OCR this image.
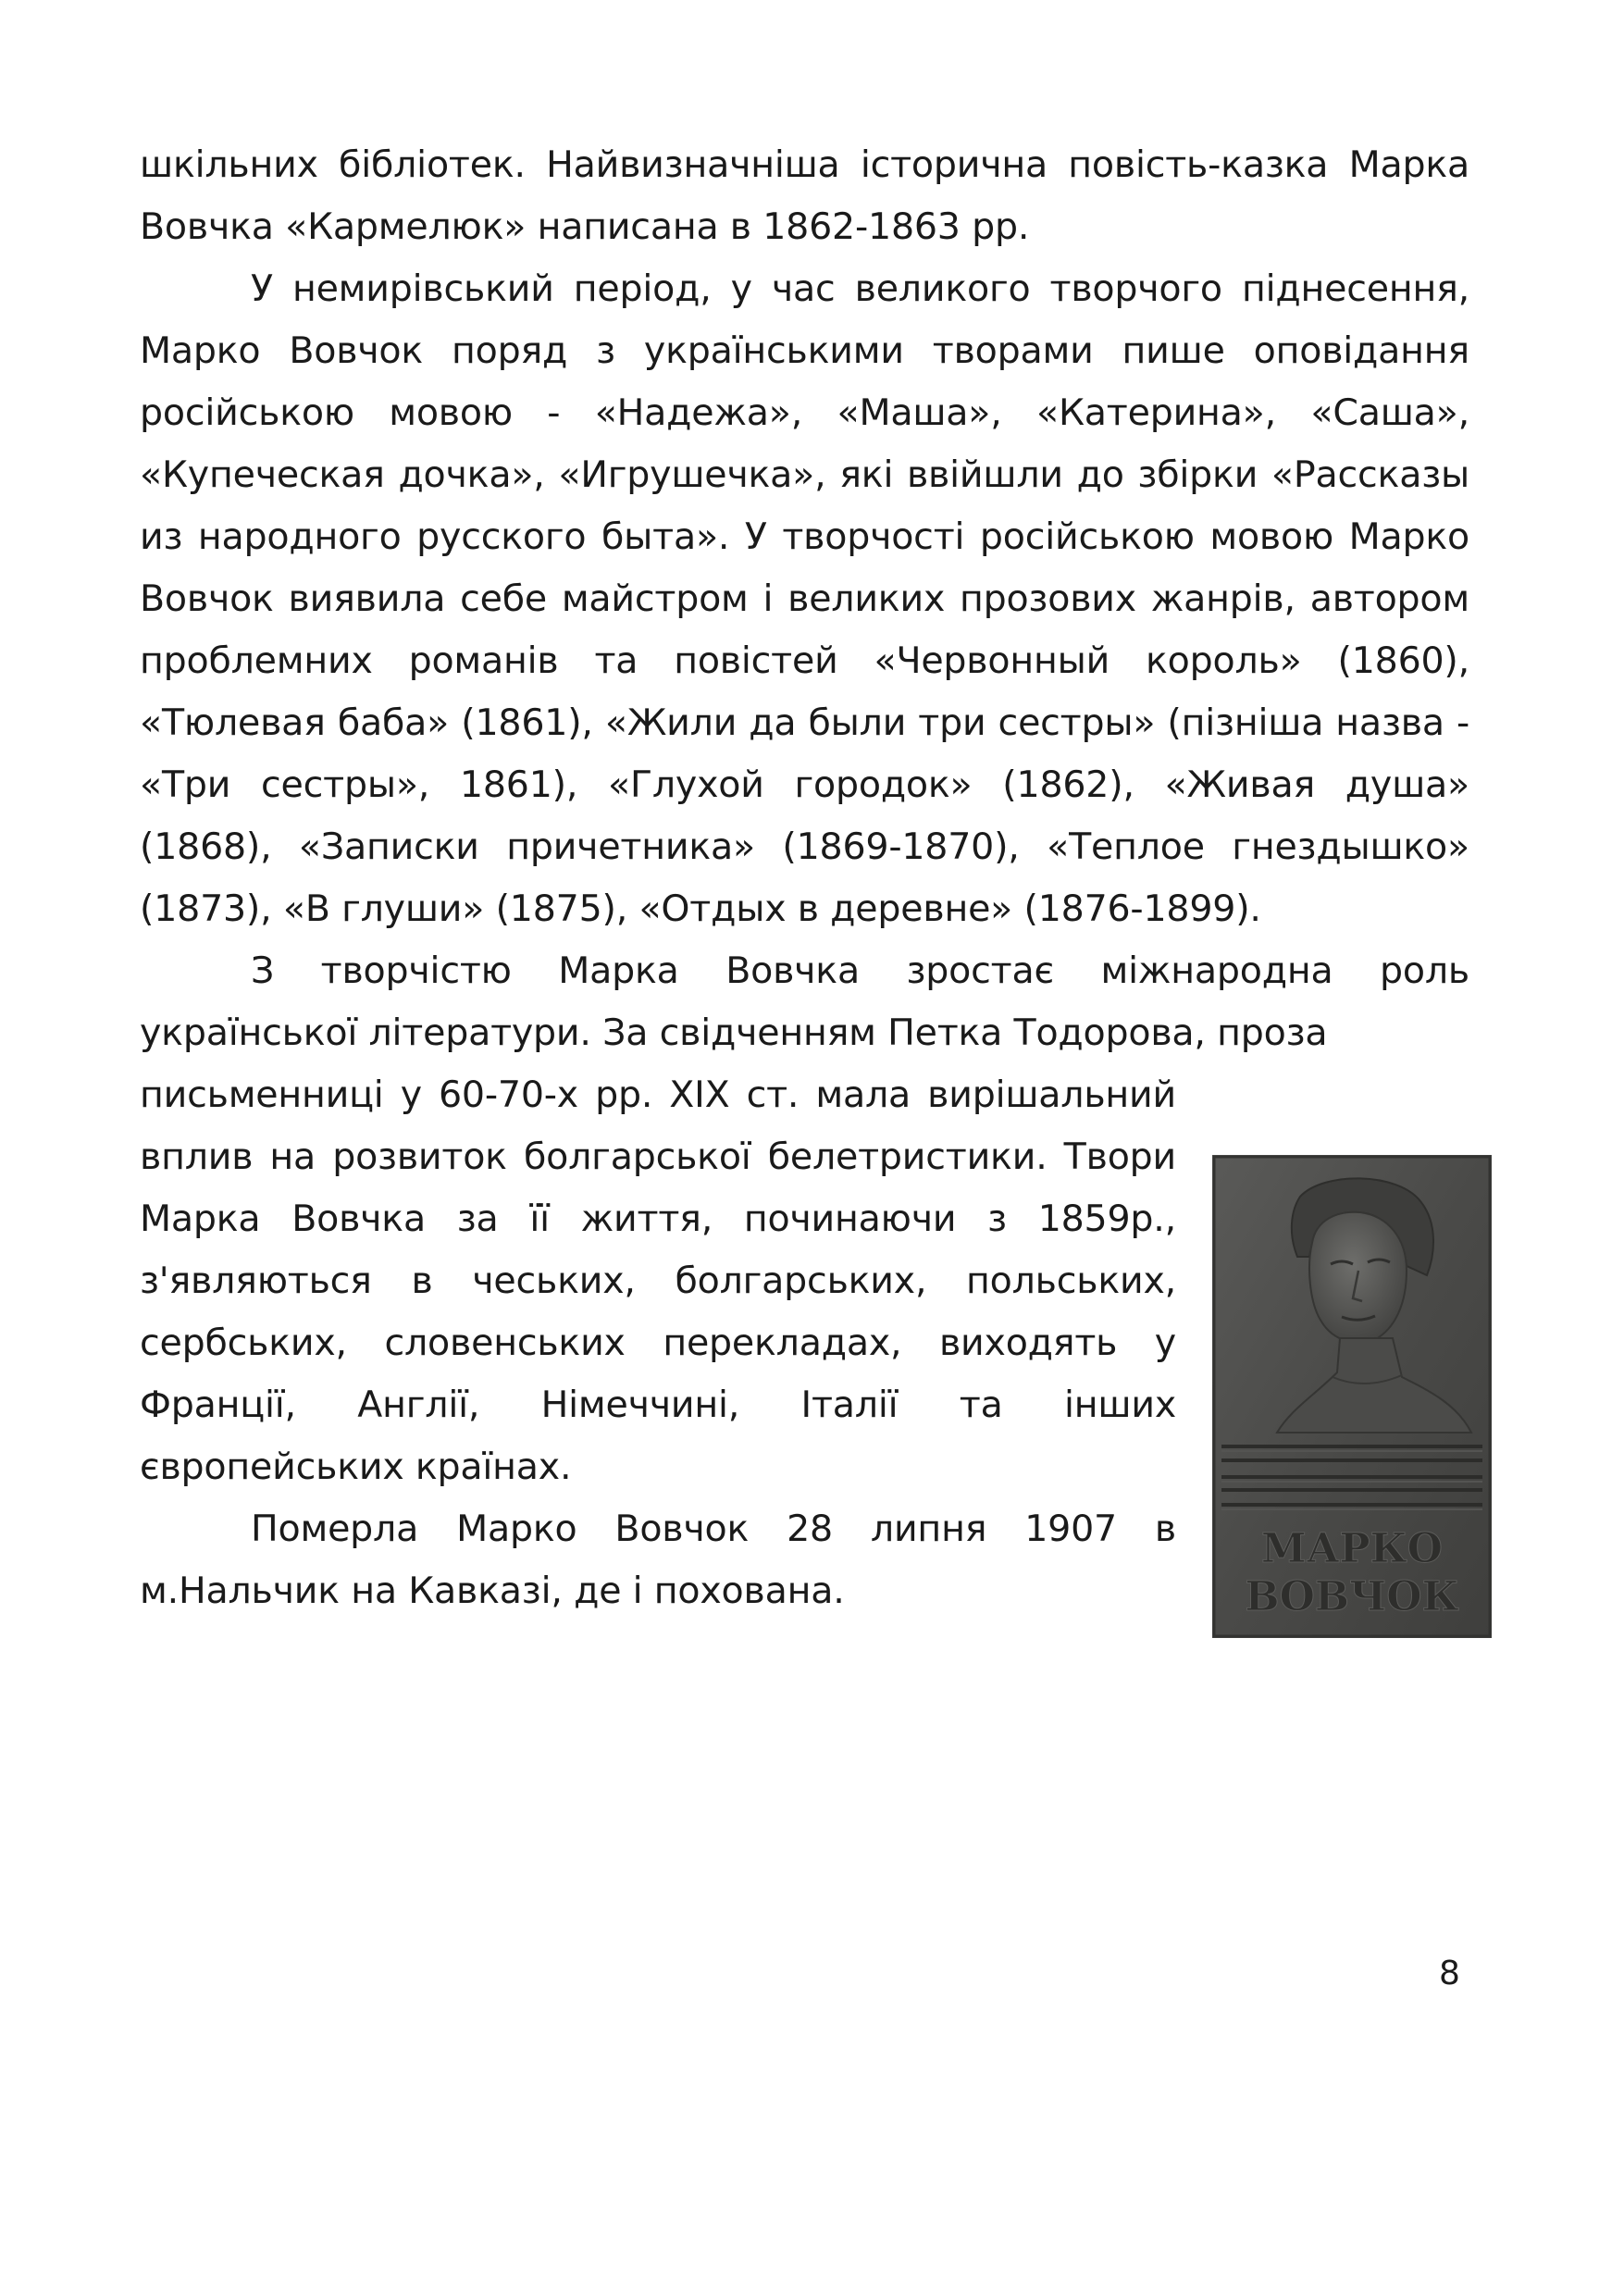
шкільних бібліотек. Найвизначніша історична повість-казка Марка Вовчка «Кармелюк» написана в 1862-1863 рр.

У немирівський період, у час великого творчого піднесення, Марко Вовчок поряд з українськими творами пише оповідання російською мовою - «Надежа», «Маша», «Катерина», «Саша», «Купеческая дочка», «Игрушечка», які ввійшли до збірки «Рассказы из народного русского быта». У творчості російською мовою Марко Вовчок виявила себе майстром і великих прозових жанрів, автором проблемних романів та повістей «Червонный король» (1860), «Тюлевая баба» (1861), «Жили да были три сестры» (пізніша назва - «Три сестры», 1861), «Глухой городок» (1862), «Живая душа» (1868), «Записки причетника» (1869-1870), «Теплое гнездышко» (1873), «В глуши» (1875), «Отдых в деревне» (1876-1899).

З творчістю Марка Вовчка зростає міжнародна роль української літератури. За свідченням Петка Тодорова, проза

письменниці у 60-70-х рр. XIX ст. мала вирішальний вплив на розвиток болгарської белетристики. Твори Марка Вовчка за її життя, починаючи з 1859р., з'являються в чеських, болгарських, польських, сербських, словенських перекладах, виходять у Франції, Англії, Німеччині, Італії та інших європейських країнах.

Померла Марко Вовчок 28 липня 1907 в м.Нальчик на Кавказі, де і похована.

МАРКО
ВОВЧОК
8
